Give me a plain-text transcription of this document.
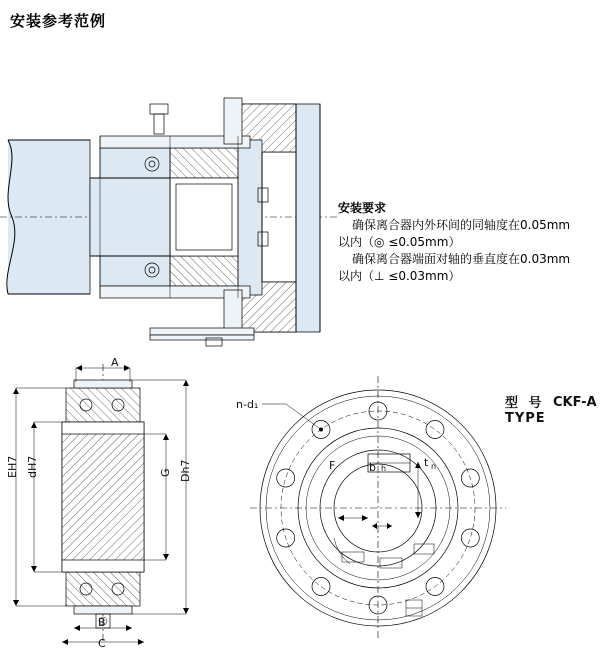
安装参考范例
安装要求
确保离合器内外环间的同轴度在0.05mm
以内（◎ ≤0.05mm）
确保离合器端面对轴的垂直度在0.03mm
以内（⊥ ≤0.03mm）
型 号
TYPE
CKF-A
A
B
C
EH7 dH7	G Dh7
n-d₁
F	b h	t n
